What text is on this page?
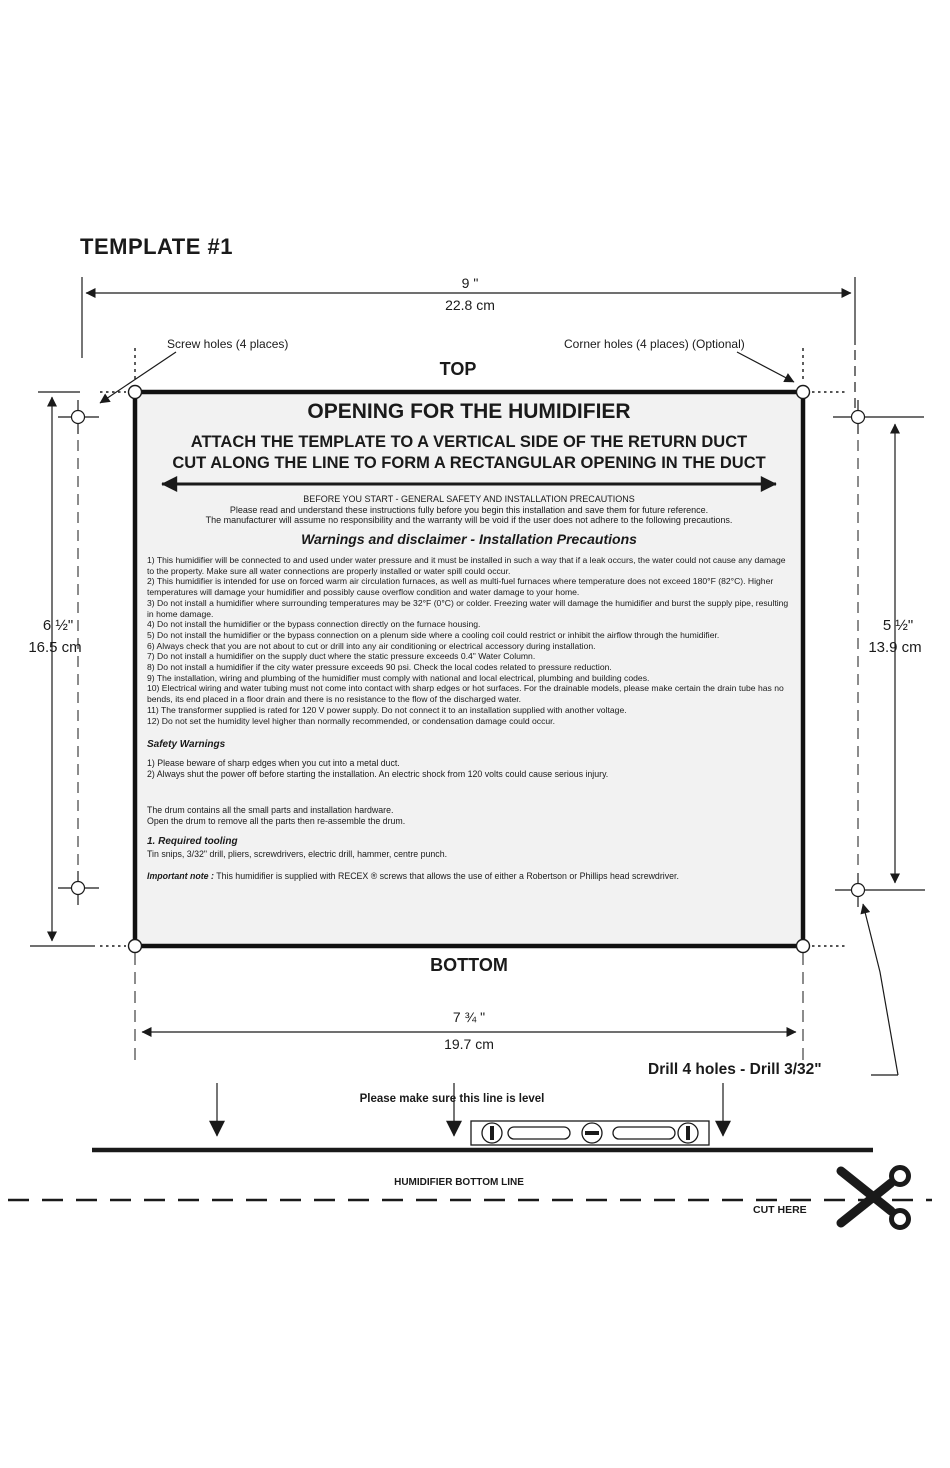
TEMPLATE #1
9 "
22.8 cm
Screw holes (4 places)	Corner holes (4 places) (Optional)
TOP
6 ½"
16.5 cm
5 ½"
13.9 cm
BOTTOM
7 ¾ "
19.7 cm
Drill 4 holes - Drill 3/32"
Please make sure this line is level
HUMIDIFIER BOTTOM LINE
CUT HERE
OPENING FOR THE HUMIDIFIER
ATTACH THE TEMPLATE TO A VERTICAL SIDE OF THE RETURN DUCT
CUT ALONG THE LINE TO FORM A RECTANGULAR OPENING IN THE DUCT
BEFORE YOU START - GENERAL SAFETY AND INSTALLATION PRECAUTIONS
Please read and understand these instructions fully before you begin this installation and save them for future reference.
The manufacturer will assume no responsibility and the warranty will be void if the user does not adhere to the following precautions.
Warnings and disclaimer - Installation Precautions
1) This humidifier will be connected to and used under water pressure and it must be installed in such a way that if a leak occurs, the water could not cause any damage to the property. Make sure all water connections are properly installed or water spill could occur.
2) This humidifier is intended for use on forced warm air circulation furnaces, as well as multi-fuel furnaces where temperature does not exceed 180°F (82°C). Higher temperatures will damage your humidifier and possibly cause overflow condition and water damage to your home.
3) Do not install a humidifier where surrounding temperatures may be 32°F (0°C) or colder. Freezing water will damage the humidifier and burst the supply pipe, resulting in home damage.
4) Do not install the humidifier or the bypass connection directly on the furnace housing.
5) Do not install the humidifier or the bypass connection on a plenum side where a cooling coil could restrict or inhibit the airflow through the humidifier.
6) Always check that you are not about to cut or drill into any air conditioning or electrical accessory during installation.
7) Do not install a humidifier on the supply duct where the static pressure exceeds 0.4" Water Column.
8) Do not install a humidifier if the city water pressure exceeds 90 psi. Check the local codes related to pressure reduction.
9) The installation, wiring and plumbing of the humidifier must comply with national and local electrical, plumbing and building codes.
10) Electrical wiring and water tubing must not come into contact with sharp edges or hot surfaces. For the drainable models, please make certain the drain tube has no bends, its end placed in a floor drain and there is no resistance to the flow of the discharged water.
11) The transformer supplied is rated for 120 V power supply. Do not connect it to an installation supplied with another voltage.
12) Do not set the humidity level higher than normally recommended, or condensation damage could occur.
Safety Warnings
1) Please beware of sharp edges when you cut into a metal duct.
2) Always shut the power off before starting the installation. An electric shock from 120 volts could cause serious injury.
The drum contains all the small parts and installation hardware.
Open the drum to remove all the parts then re-assemble the drum.
1. Required tooling
Tin snips, 3/32" drill, pliers, screwdrivers, electric drill, hammer, centre punch.
Important note : This humidifier is supplied with RECEX ® screws that allows the use of either a Robertson or Phillips head screwdriver.
